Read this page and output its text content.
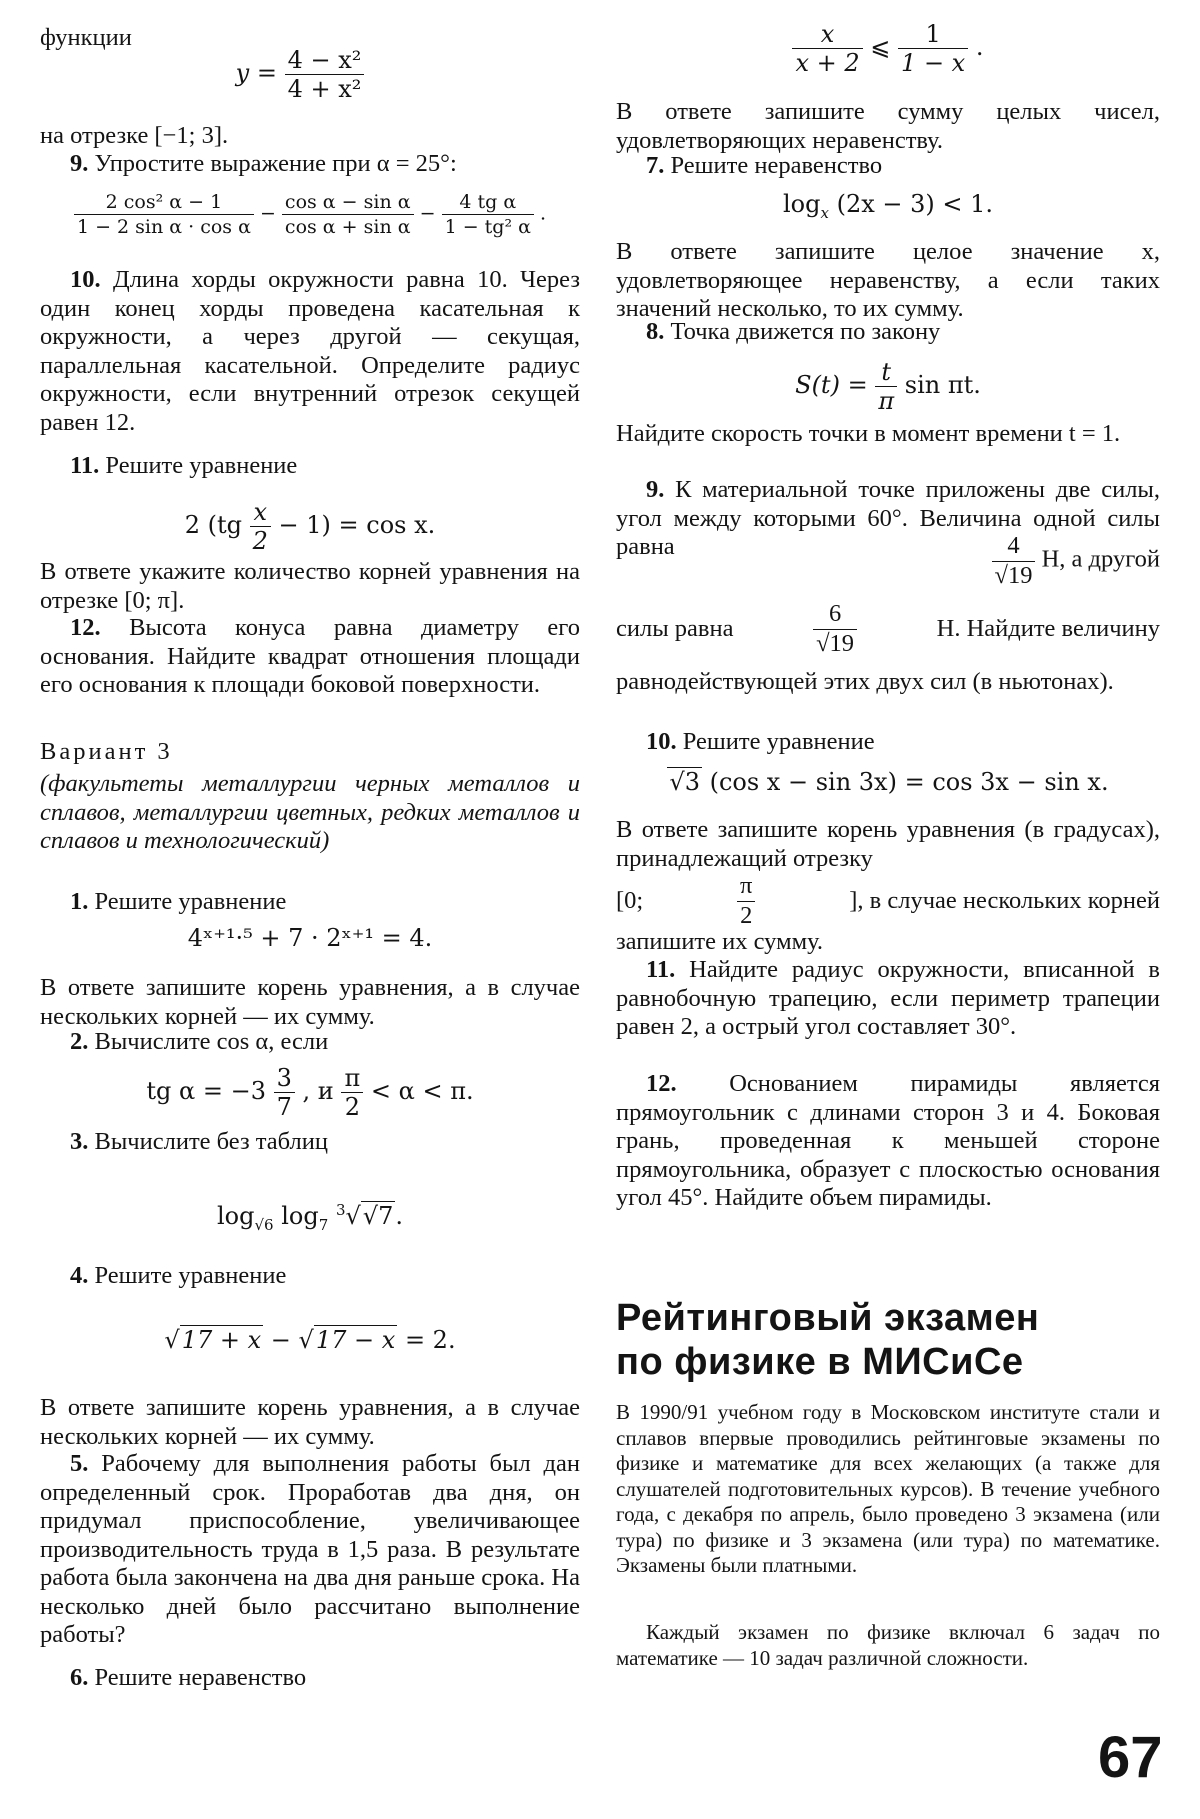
функции

$y = \frac{\text{4 − x²}}{\text{4 + x²}}$

на отрезке [−1; 3].

9. Упростите выражение при α = 25°:

$\frac{\text{2 cos² α − 1}}{\text{1 − 2 sin α · cos α}} - \frac{\text{cos α − sin α}}{\text{cos α + sin α}} - \frac{\text{4 tg α}}{\text{1 − tg² α}}$ .

10. Длина хорды окружности равна 10. Через один конец хорды проведена касательная к окружности, а через другой — секущая, параллельная касательной. Определите радиус окружности, если внутренний отрезок секущей равен 12.

11. Решите уравнение

2 $(tg \frac{x}{2} - 1) = \cos x$.

В ответе укажите количество корней уравнения на отрезке [0; π].

12. Высота конуса равна диаметру его основания. Найдите квадрат отношения площади его основания к площади боковой поверхности.

Вариант 3

(факультеты металлургии черных металлов и сплавов, металлургии цветных, редких металлов и сплавов и технологический)

1. Решите уравнение

4ˣ⁺¹·⁵ + 7 · 2ˣ⁺¹ = 4.

В ответе запишите корень уравнения, а в случае нескольких корней — их сумму.

2. Вычислите cos α, если

tg $\alpha = -3 \frac{3}{7}$ , и $\frac{\pi}{2} < \alpha < \pi$.

3. Вычислите без таблиц

$\log_{√6} \log_7 ^3√√7$.

4. Решите уравнение

√17 + x − √17 − x = 2.

В ответе запишите корень уравнения, а в случае нескольких корней — их сумму.

5. Рабочему для выполнения работы был дан определенный срок. Проработав два дня, он придумал приспособление, увеличивающее производительность труда в 1,5 раза. В результате работа была закончена на два дня раньше срока. На несколько дней было рассчитано выполнение работы?

6. Решите неравенство

$\frac{x}{x + 2}$ ⩽ $\frac{1}{1 - x}$ .

В ответе запишите сумму целых чисел, удовлетворяющих неравенству.

7. Решите неравенство

$\log_x (2x - 3) < 1$.

В ответе запишите целое значение x, удовлетворяющее неравенству, а если таких значений несколько, то их сумму.

8. Точка движется по закону

$S(t) = \frac{t}{\pi}$ sin πt.

Найдите скорость точки в момент времени t = 1.

9. К материальной точке приложены две силы, угол между которыми 60°. Величина одной силы равна	$\frac{4}{√19} Н$, а другой
силы равна	$\frac{6}{√19}$	Н. Найдите величину

равнодействующей этих двух сил (в ньютонах).

10. Решите уравнение

√3 (cos x − sin 3x) = cos 3x − sin x.

В ответе запишите корень уравнения (в градусах), принадлежащий отрезку

[0;	$\frac{\pi}{2}$	], в случае нескольких корней

запишите их сумму.

11. Найдите радиус окружности, вписанной в равнобочную трапецию, если периметр трапеции равен 2, а острый угол составляет 30°.

12. Основанием пирамиды является прямоугольник с длинами сторон 3 и 4. Боковая грань, проведенная к меньшей стороне прямоугольника, образует с плоскостью основания угол 45°. Найдите объем пирамиды.

Рейтинговый экзамен по физике в МИСиСе

В 1990/91 учебном году в Московском институте стали и сплавов впервые проводились рейтинговые экзамены по физике и математике для всех желающих (а также для слушателей подготовительных курсов). В течение учебного года, с декабря по апрель, было проведено 3 экзамена (или тура) по физике и 3 экзамена (или тура) по математике. Экзамены были платными.

Каждый экзамен по физике включал 6 задач по математике — 10 задач различной сложности.

67
